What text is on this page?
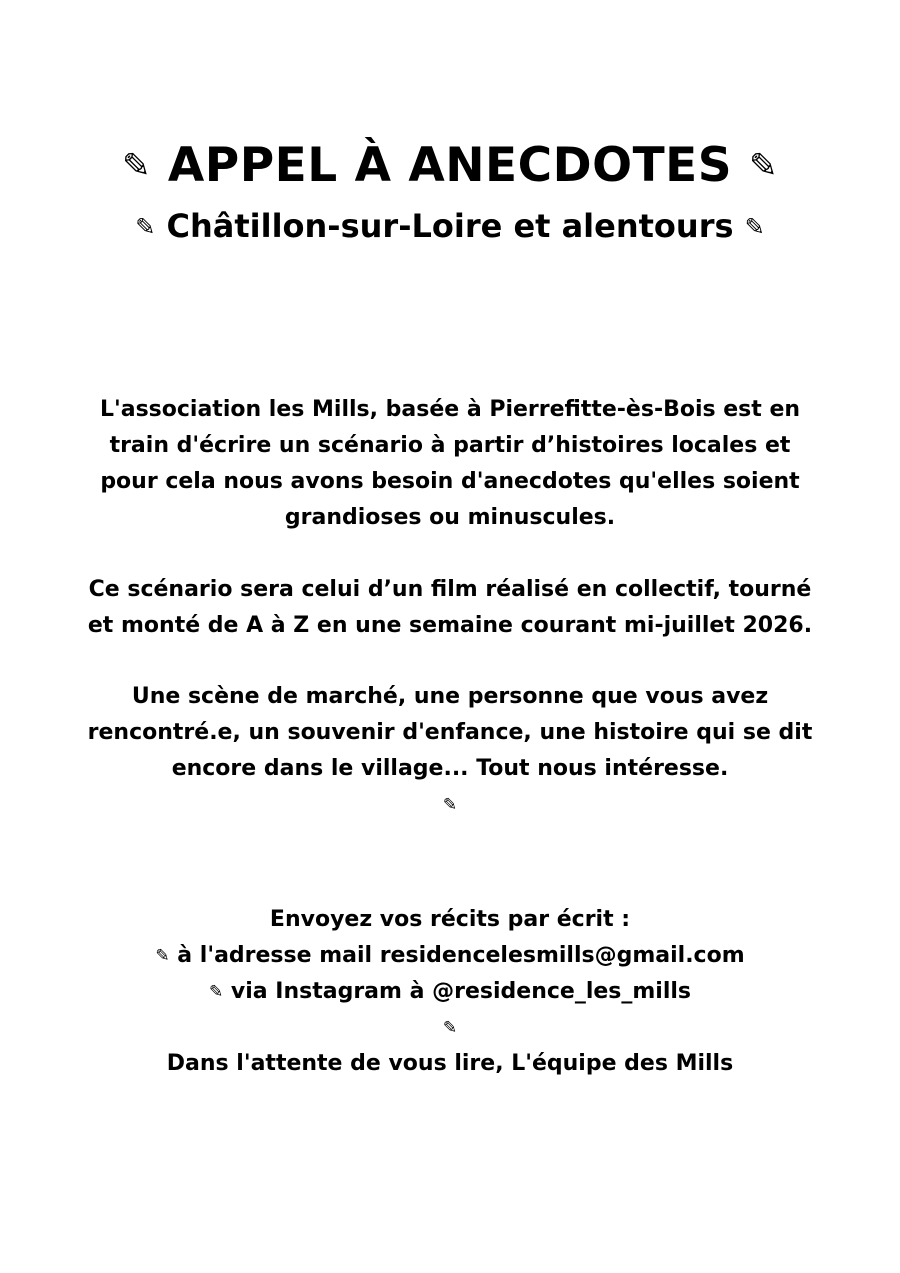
✎ APPEL À ANECDOTES ✎
✎ Châtillon-sur-Loire et alentours ✎

L'association les Mills, basée à Pierrefitte-ès-Bois est en
train d'écrire un scénario à partir d’histoires locales et
pour cela nous avons besoin d'anecdotes qu'elles soient
grandioses ou minuscules.

Ce scénario sera celui d’un film réalisé en collectif, tourné
et monté de A à Z en une semaine courant mi-juillet 2026.

Une scène de marché, une personne que vous avez
rencontré.e, un souvenir d'enfance, une histoire qui se dit
encore dans le village... Tout nous intéresse.
✎

Envoyez vos récits par écrit :
✎ à l'adresse mail residencelesmills@gmail.com
✎ via Instagram à @residence_les_mills
✎
Dans l'attente de vous lire, L'équipe des Mills
